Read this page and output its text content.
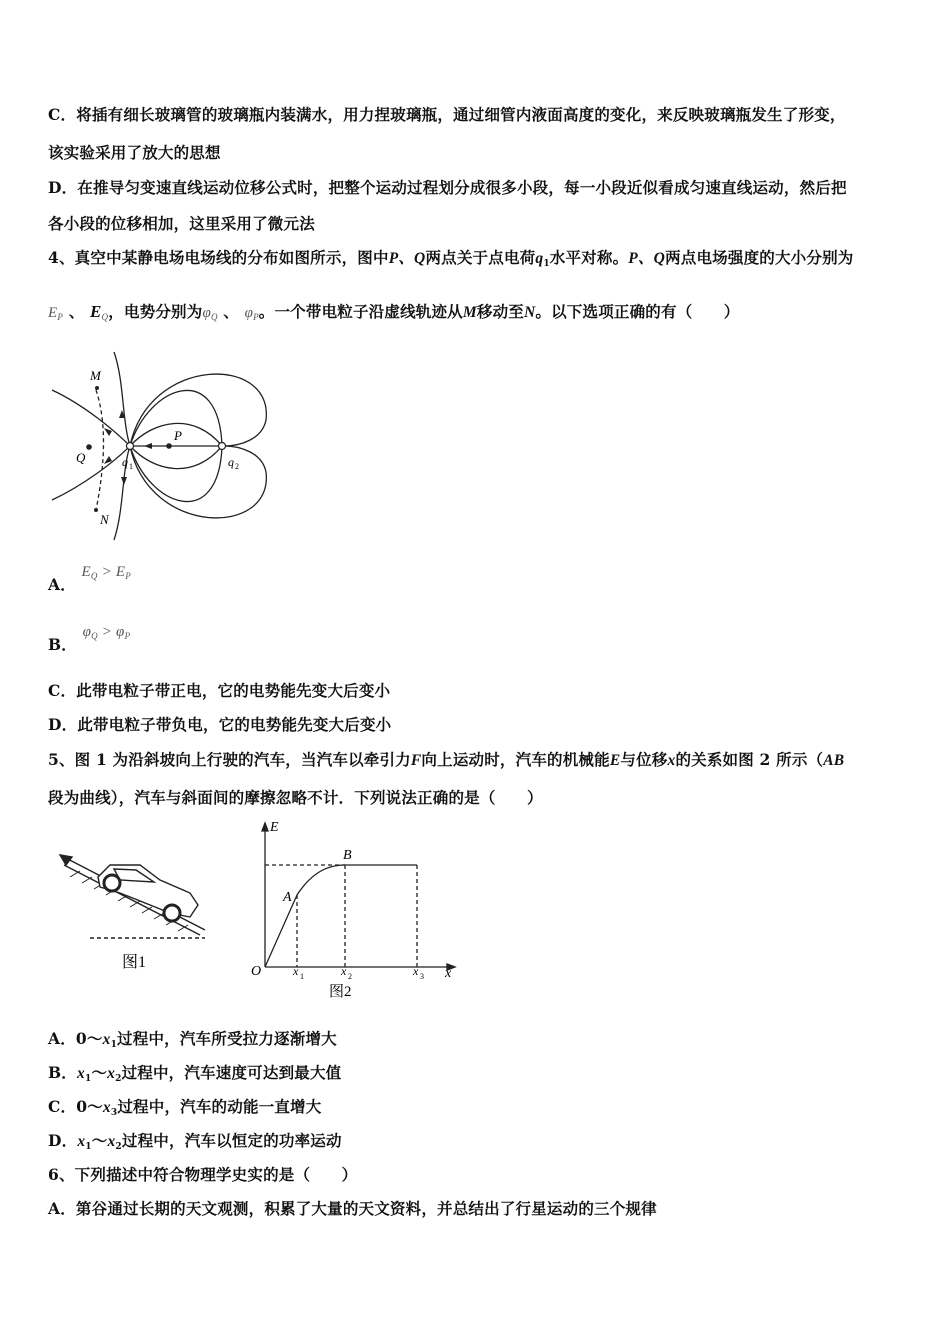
C．将插有细长玻璃管的玻璃瓶内装满水，用力捏玻璃瓶，通过细管内液面高度的变化，来反映玻璃瓶发生了形变，
该实验采用了放大的思想
D．在推导匀变速直线运动位移公式时，把整个运动过程划分成很多小段，每一小段近似看成匀速直线运动，然后把
各小段的位移相加，这里采用了微元法
4、真空中某静电场电场线的分布如图所示，图中P、Q两点关于点电荷$q_1$水平对称。P、Q两点电场强度的大小分别为
$E_P$ 、 $E_Q$，电势分别为$\varphi_Q$ 、 $\varphi_P$。一个带电粒子沿虚线轨迹从M移动至N。以下选项正确的有（　　）
M
P
Q
N
q 1	q 2
A． $E_Q > E_P$
B． $\varphi_Q > \varphi_P$
C．此带电粒子带正电，它的电势能先变大后变小
D．此带电粒子带负电，它的电势能先变大后变小
5、图 1 为沿斜坡向上行驶的汽车，当汽车以牵引力F向上运动时，汽车的机械能E与位移x的关系如图 2 所示（AB
段为曲线），汽车与斜面间的摩擦忽略不计．下列说法正确的是（　　）
图1
E
B
A
O	x
x 1	x 2	x 3
图2
A．$0\sim x_1$过程中，汽车所受拉力逐渐增大
B．$x_1\sim x_2$过程中，汽车速度可达到最大值
C．$0\sim x_3$过程中，汽车的动能一直增大
D．$x_1\sim x_2$过程中，汽车以恒定的功率运动
6、下列描述中符合物理学史实的是（　　）
A．第谷通过长期的天文观测，积累了大量的天文资料，并总结出了行星运动的三个规律
